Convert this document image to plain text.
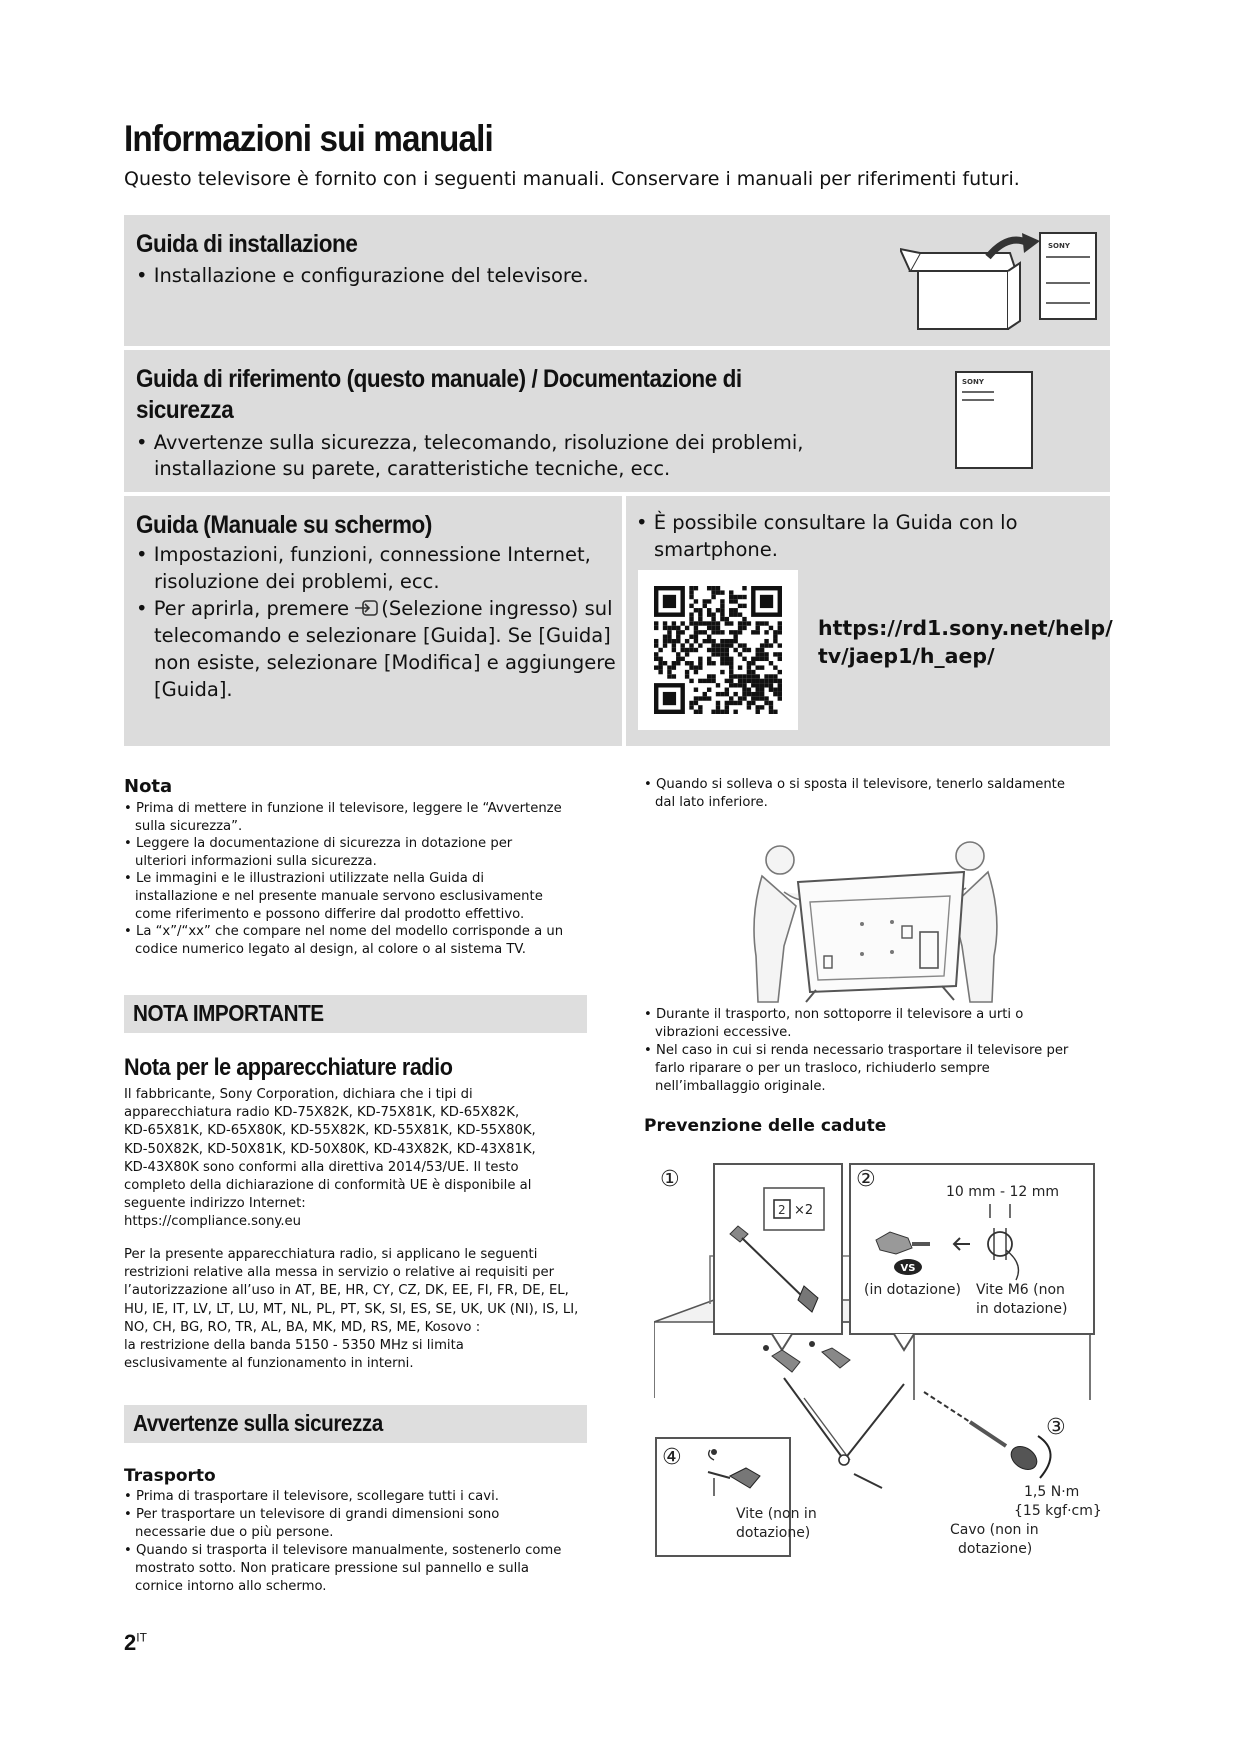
Informazioni sui manuali
Questo televisore è fornito con i seguenti manuali. Conservare i manuali per riferimenti futuri.
Guida di installazione
• Installazione e configurazione del televisore.
SONY
Guida di riferimento (questo manuale) / Documentazione di
sicurezza
• Avvertenze sulla sicurezza, telecomando, risoluzione dei problemi,
installazione su parete, caratteristiche tecniche, ecc.
SONY
Guida (Manuale su schermo)
• Impostazioni, funzioni, connessione Internet,
risoluzione dei problemi, ecc.
• Per aprirla, premere (Selezione ingresso) sul
telecomando e selezionare [Guida]. Se [Guida]
non esiste, selezionare [Modifica] e aggiungere
[Guida].
• È possibile consultare la Guida con lo
smartphone.
https://rd1.sony.net/help/
tv/jaep1/h_aep/
Nota
• Prima di mettere in funzione il televisore, leggere le “Avvertenze
sulla sicurezza”.
• Leggere la documentazione di sicurezza in dotazione per
ulteriori informazioni sulla sicurezza.
• Le immagini e le illustrazioni utilizzate nella Guida di
installazione e nel presente manuale servono esclusivamente
come riferimento e possono differire dal prodotto effettivo.
• La “x”/“xx” che compare nel nome del modello corrisponde a un
codice numerico legato al design, al colore o al sistema TV.
NOTA IMPORTANTE
Nota per le apparecchiature radio
Il fabbricante, Sony Corporation, dichiara che i tipi di
apparecchiatura radio KD-75X82K, KD-75X81K, KD-65X82K,
KD-65X81K, KD-65X80K, KD-55X82K, KD-55X81K, KD-55X80K,
KD-50X82K, KD-50X81K, KD-50X80K, KD-43X82K, KD-43X81K,
KD-43X80K sono conformi alla direttiva 2014/53/UE. Il testo
completo della dichiarazione di conformità UE è disponibile al
seguente indirizzo Internet:
https://compliance.sony.eu
Per la presente apparecchiatura radio, si applicano le seguenti
restrizioni relative alla messa in servizio o relative ai requisiti per
l’autorizzazione all’uso in AT, BE, HR, CY, CZ, DK, EE, FI, FR, DE, EL,
HU, IE, IT, LV, LT, LU, MT, NL, PL, PT, SK, SI, ES, SE, UK, UK (NI), IS, LI,
NO, CH, BG, RO, TR, AL, BA, MK, MD, RS, ME, Kosovo :
la restrizione della banda 5150 - 5350 MHz si limita
esclusivamente al funzionamento in interni.
Avvertenze sulla sicurezza
Trasporto
• Prima di trasportare il televisore, scollegare tutti i cavi.
• Per trasportare un televisore di grandi dimensioni sono
necessarie due o più persone.
• Quando si trasporta il televisore manualmente, sostenerlo come
mostrato sotto. Non praticare pressione sul pannello e sulla
cornice intorno allo schermo.
• Quando si solleva o si sposta il televisore, tenerlo saldamente
dal lato inferiore.
• Durante il trasporto, non sottoporre il televisore a urti o
vibrazioni eccessive.
• Nel caso in cui si renda necessario trasportare il televisore per
farlo riparare o per un trasloco, richiuderlo sempre
nell’imballaggio originale.
Prevenzione delle cadute
2 ×2
VS
①	②
③
④
10 mm - 12 mm
(in dotazione) Vite M6 (non
in dotazione)
1,5 N·m
{15 kgf·cm}
Vite (non in
dotazione)	Cavo (non in
dotazione)
$2^{IT}$
